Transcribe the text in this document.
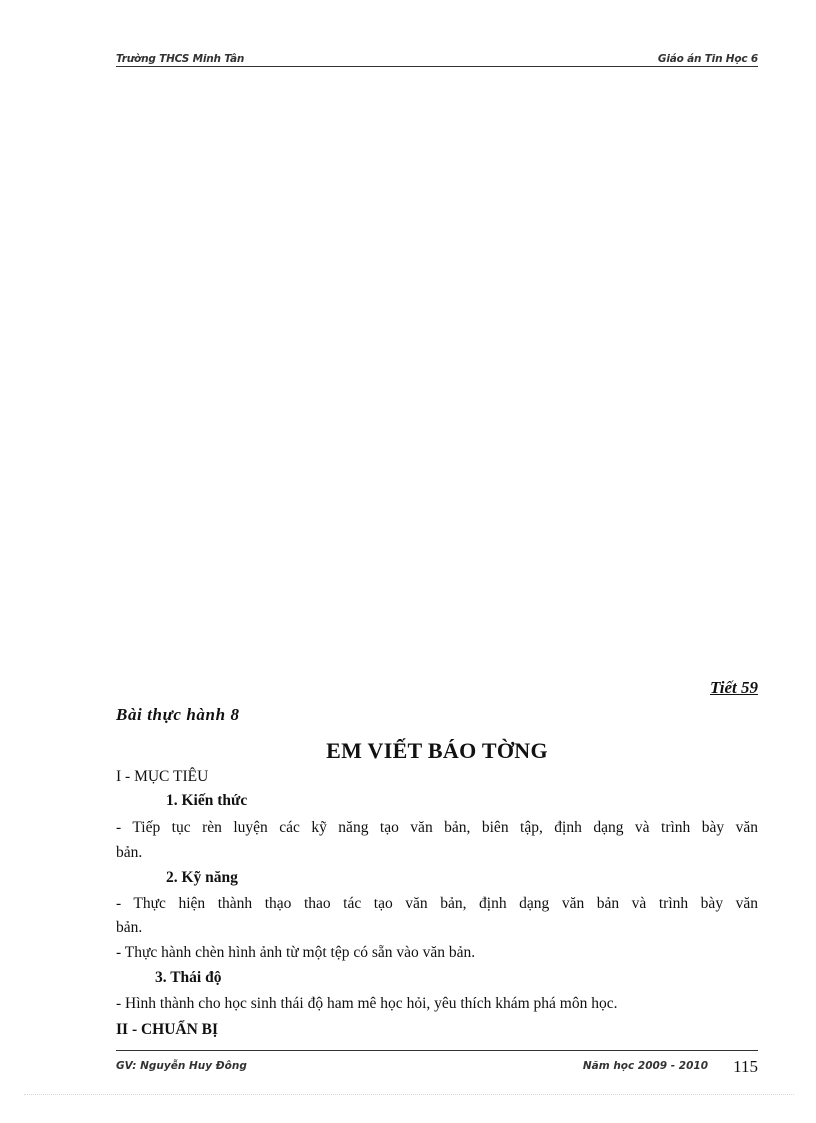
Trường THCS Minh Tân	Giáo án Tin Học 6
Tiết 59
Bài thực hành 8
EM VIẾT BÁO TỜNG
I - MỤC TIÊU
1. Kiến thức
- Tiếp tục rèn luyện các kỹ năng tạo văn bản, biên tập, định dạng và trình bày văn
bản.
2. Kỹ năng
- Thực hiện thành thạo thao tác tạo văn bản, định dạng văn bản và trình bày văn
bản.
- Thực hành chèn hình ảnh từ một tệp có sẵn vào văn bản.
3. Thái độ
- Hình thành cho học sinh thái độ ham mê học hỏi, yêu thích khám phá môn học.
II - CHUẨN BỊ
GV: Nguyễn Huy Đông	Năm học 2009 - 2010 115
